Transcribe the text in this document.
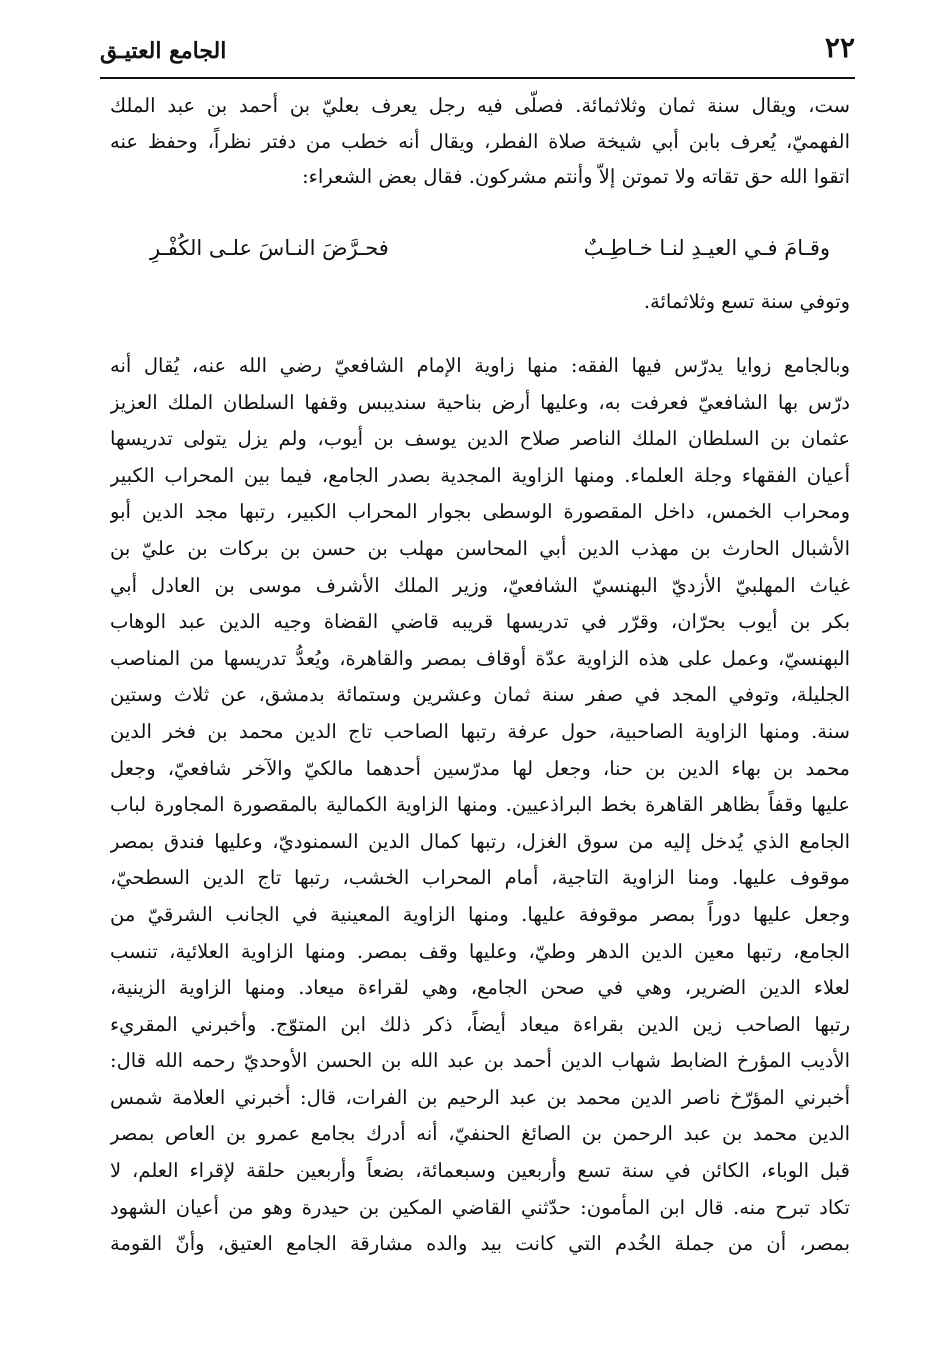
٢٢
الجامع العتيـق
ست، ويقال سنة ثمان وثلاثمائة. فصلّى فيه رجل يعرف بعليّ بن أحمد بن عبد الملك
الفهميّ، يُعرف بابن أبي شيخة صلاة الفطر، ويقال أنه خطب من دفتر نظراً، وحفظ عنه
اتقوا الله حق تقاته ولا تموتن إلاّ وأنتم مشركون. فقال بعض الشعراء:
وقـامَ فـي العيـدِ لنـا خـاطِـبٌ
فحـرَّضَ النـاسَ علـى الكُفْـرِ
وتوفي سنة تسع وثلاثمائة.
وبالجامع زوايا يدرّس فيها الفقه: منها زاوية الإمام الشافعيّ رضي الله عنه، يُقال أنه
درّس بها الشافعيّ فعرفت به، وعليها أرض بناحية سنديبس وقفها السلطان الملك العزيز
عثمان بن السلطان الملك الناصر صلاح الدين يوسف بن أيوب، ولم يزل يتولى تدريسها
أعيان الفقهاء وجلة العلماء. ومنها الزاوية المجدية بصدر الجامع، فيما بين المحراب الكبير
ومحراب الخمس، داخل المقصورة الوسطى بجوار المحراب الكبير، رتبها مجد الدين أبو
الأشبال الحارث بن مهذب الدين أبي المحاسن مهلب بن حسن بن بركات بن عليّ بن
غياث المهلبيّ الأزديّ البهنسيّ الشافعيّ، وزير الملك الأشرف موسى بن العادل أبي
بكر بن أيوب بحرّان، وقرّر في تدريسها قريبه قاضي القضاة وجيه الدين عبد الوهاب
البهنسيّ، وعمل على هذه الزاوية عدّة أوقاف بمصر والقاهرة، ويُعدُّ تدريسها من المناصب
الجليلة، وتوفي المجد في صفر سنة ثمان وعشرين وستمائة بدمشق، عن ثلاث وستين
سنة. ومنها الزاوية الصاحبية، حول عرفة رتبها الصاحب تاج الدين محمد بن فخر الدين
محمد بن بهاء الدين بن حنا، وجعل لها مدرّسين أحدهما مالكيّ والآخر شافعيّ، وجعل
عليها وقفاً بظاهر القاهرة بخط البراذعيين. ومنها الزاوية الكمالية بالمقصورة المجاورة لباب
الجامع الذي يُدخل إليه من سوق الغزل، رتبها كمال الدين السمنوديّ، وعليها فندق بمصر
موقوف عليها. ومنا الزاوية التاجية، أمام المحراب الخشب، رتبها تاج الدين السطحيّ،
وجعل عليها دوراً بمصر موقوفة عليها. ومنها الزاوية المعينية في الجانب الشرقيّ من
الجامع، رتبها معين الدين الدهر وطيّ، وعليها وقف بمصر. ومنها الزاوية العلائية، تنسب
لعلاء الدين الضرير، وهي في صحن الجامع، وهي لقراءة ميعاد. ومنها الزاوية الزينية،
رتبها الصاحب زين الدين بقراءة ميعاد أيضاً، ذكر ذلك ابن المتوّج. وأخبرني المقريء
الأديب المؤرخ الضابط شهاب الدين أحمد بن عبد الله بن الحسن الأوحديّ رحمه الله قال:
أخبرني المؤرّخ ناصر الدين محمد بن عبد الرحيم بن الفرات، قال: أخبرني العلامة شمس
الدين محمد بن عبد الرحمن بن الصائغ الحنفيّ، أنه أدرك بجامع عمرو بن العاص بمصر
قبل الوباء، الكائن في سنة تسع وأربعين وسبعمائة، بضعاً وأربعين حلقة لإقراء العلم، لا
تكاد تبرح منه. قال ابن المأمون: حدّثني القاضي المكين بن حيدرة وهو من أعيان الشهود
بمصر، أن من جملة الخُدم التي كانت بيد والده مشارقة الجامع العتيق، وأنّ القومة
